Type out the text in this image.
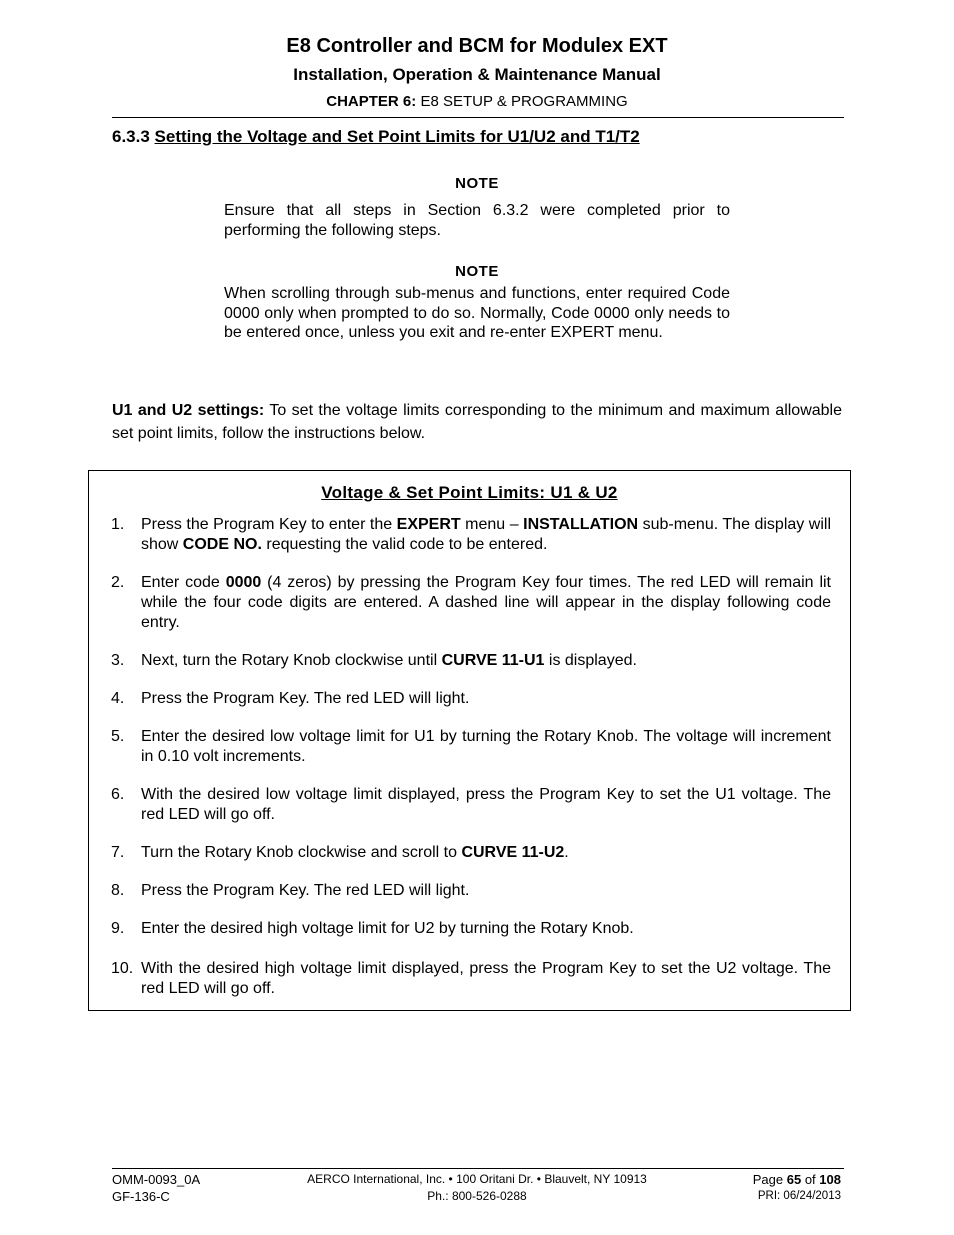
E8 Controller and BCM for Modulex EXT
Installation, Operation & Maintenance Manual
CHAPTER 6: E8 SETUP & PROGRAMMING
6.3.3 Setting the Voltage and Set Point Limits for U1/U2 and T1/T2
NOTE
Ensure that all steps in Section 6.3.2 were completed prior to performing the following steps.
NOTE
When scrolling through sub-menus and functions, enter required Code 0000 only when prompted to do so. Normally, Code 0000 only needs to be entered once, unless you exit and re-enter EXPERT menu.
U1 and U2 settings: To set the voltage limits corresponding to the minimum and maximum allowable set point limits, follow the instructions below.
Voltage & Set Point Limits: U1 & U2
1.	Press the Program Key to enter the EXPERT menu – INSTALLATION sub-menu. The display will show CODE NO. requesting the valid code to be entered.
2.	Enter code 0000 (4 zeros) by pressing the Program Key four times. The red LED will remain lit while the four code digits are entered. A dashed line will appear in the display following code entry.
3.	Next, turn the Rotary Knob clockwise until CURVE 11-U1 is displayed.
4.	Press the Program Key. The red LED will light.
5.	Enter the desired low voltage limit for U1 by turning the Rotary Knob. The voltage will increment in 0.10 volt increments.
6.	With the desired low voltage limit displayed, press the Program Key to set the U1 voltage. The red LED will go off.
7.	Turn the Rotary Knob clockwise and scroll to CURVE 11-U2.
8.	Press the Program Key. The red LED will light.
9.	Enter the desired high voltage limit for U2 by turning the Rotary Knob.
10. With the desired high voltage limit displayed, press the Program Key to set the U2 voltage. The red LED will go off.
OMM-0093_0A
GF-136-C
AERCO International, Inc. • 100 Oritani Dr. • Blauvelt, NY 10913
Ph.: 800-526-0288
Page 65 of 108
PRI: 06/24/2013
